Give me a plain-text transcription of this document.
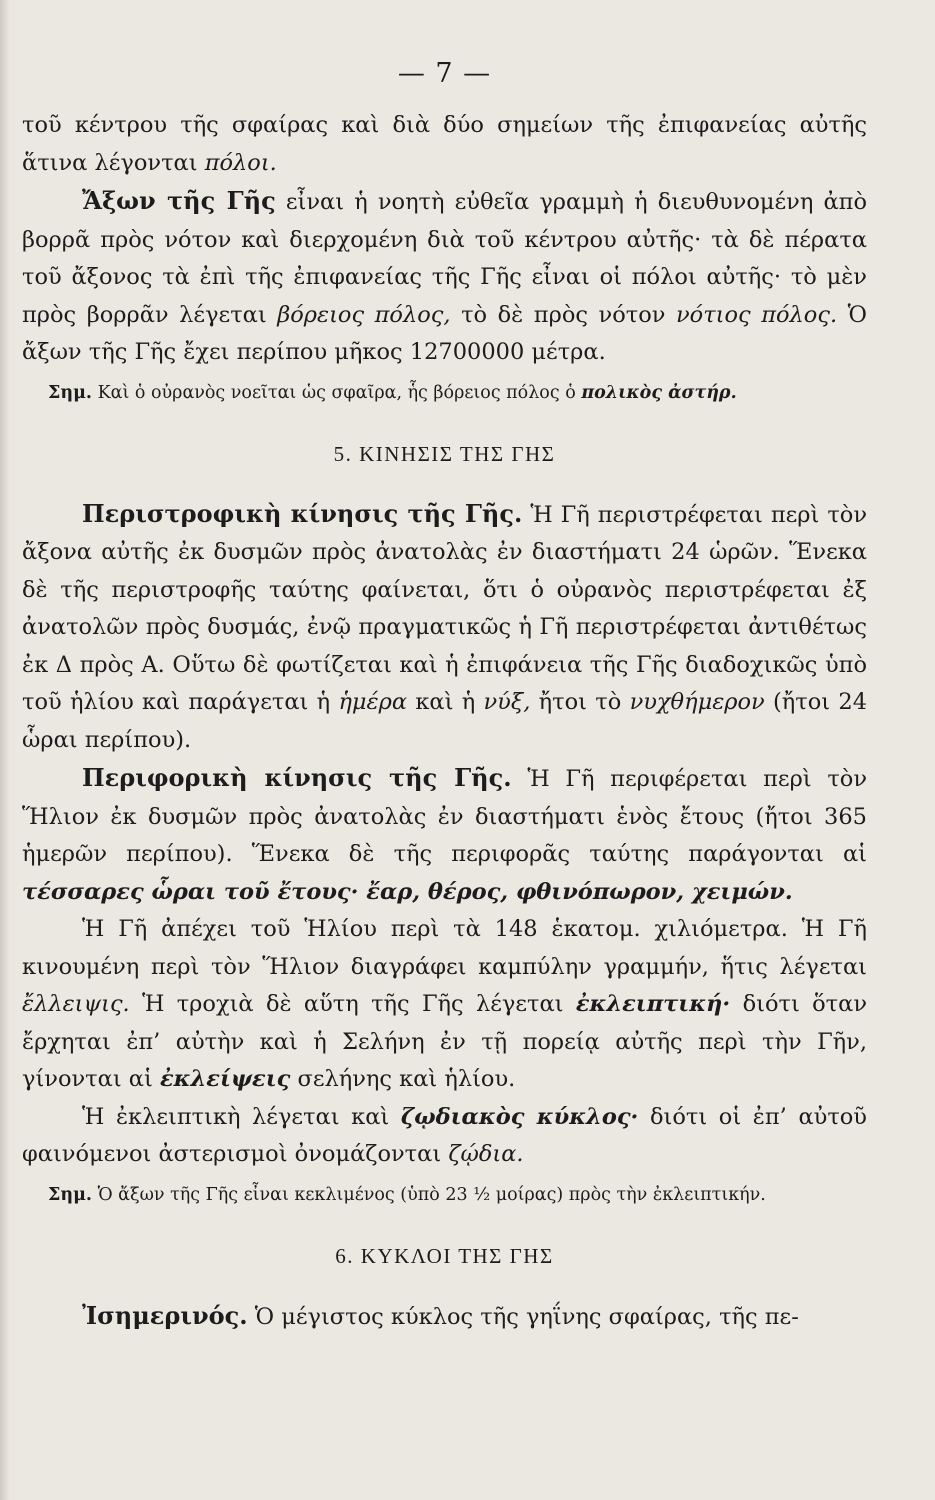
— 7 —

τοῦ κέντρου τῆς σφαίρας καὶ διὰ δύο σημείων τῆς ἐπιφανείας αὐτῆς ἅτινα λέγονται πόλοι.

Ἄξων τῆς Γῆς εἶναι ἡ νοητὴ εὐθεῖα γραμμὴ ἡ διευθυνομένη ἀπὸ βορρᾶ πρὸς νότον καὶ διερχομένη διὰ τοῦ κέντρου αὐτῆς· τὰ δὲ πέρατα τοῦ ἄξονος τὰ ἐπὶ τῆς ἐπιφανείας τῆς Γῆς εἶναι οἱ πόλοι αὐτῆς· τὸ μὲν πρὸς βορρᾶν λέγεται βόρειος πόλος, τὸ δὲ πρὸς νότον νότιος πόλος. Ὁ ἄξων τῆς Γῆς ἔχει περίπου μῆκος 12700000 μέτρα.

Σημ. Καὶ ὁ οὐρανὸς νοεῖται ὡς σφαῖρα, ἧς βόρειος πόλος ὁ πολικὸς ἀστήρ.

5. ΚΙΝΗΣΙΣ ΤΗΣ ΓΗΣ

Περιστροφικὴ κίνησις τῆς Γῆς. Ἡ Γῆ περιστρέφεται περὶ τὸν ἄξονα αὐτῆς ἐκ δυσμῶν πρὸς ἀνατολὰς ἐν διαστήματι 24 ὡρῶν. Ἕνεκα δὲ τῆς περιστροφῆς ταύτης φαίνεται, ὅτι ὁ οὐρανὸς περιστρέφεται ἐξ ἀνατολῶν πρὸς δυσμάς, ἐνῷ πραγματικῶς ἡ Γῆ περιστρέφεται ἀντιθέτως ἐκ Δ πρὸς Α. Οὕτω δὲ φωτίζεται καὶ ἡ ἐπιφάνεια τῆς Γῆς διαδοχικῶς ὑπὸ τοῦ ἡλίου καὶ παράγεται ἡ ἡμέρα καὶ ἡ νύξ, ἤτοι τὸ νυχθήμερον (ἤτοι 24 ὧραι περίπου).

Περιφορικὴ κίνησις τῆς Γῆς. Ἡ Γῆ περιφέρεται περὶ τὸν Ἥλιον ἐκ δυσμῶν πρὸς ἀνατολὰς ἐν διαστήματι ἑνὸς ἔτους (ἤτοι 365 ἡμερῶν περίπου). Ἕνεκα δὲ τῆς περιφορᾶς ταύτης παράγονται αἱ τέσσαρες ὧραι τοῦ ἔτους· ἔαρ, θέρος, φθινόπωρον, χειμών.

Ἡ Γῆ ἀπέχει τοῦ Ἡλίου περὶ τὰ 148 ἑκατομ. χιλιόμετρα. Ἡ Γῆ κινουμένη περὶ τὸν Ἥλιον διαγράφει καμπύλην γραμμήν, ἥτις λέγεται ἔλλειψις. Ἡ τροχιὰ δὲ αὕτη τῆς Γῆς λέγεται ἐκλειπτική· διότι ὅταν ἔρχηται ἐπ’ αὐτὴν καὶ ἡ Σελήνη ἐν τῇ πορείᾳ αὐτῆς περὶ τὴν Γῆν, γίνονται αἱ ἐκλείψεις σελήνης καὶ ἡλίου.

Ἡ ἐκλειπτικὴ λέγεται καὶ ζῳδιακὸς κύκλος· διότι οἱ ἐπ’ αὐτοῦ φαινόμενοι ἀστερισμοὶ ὀνομάζονται ζῴδια.

Σημ. Ὁ ἄξων τῆς Γῆς εἶναι κεκλιμένος (ὑπὸ 23 ½ μοίρας) πρὸς τὴν ἐκλειπτικήν.

6. ΚΥΚΛΟΙ ΤΗΣ ΓΗΣ

Ἰσημερινός. Ὁ μέγιστος κύκλος τῆς γηΐνης σφαίρας, τῆς πε-
